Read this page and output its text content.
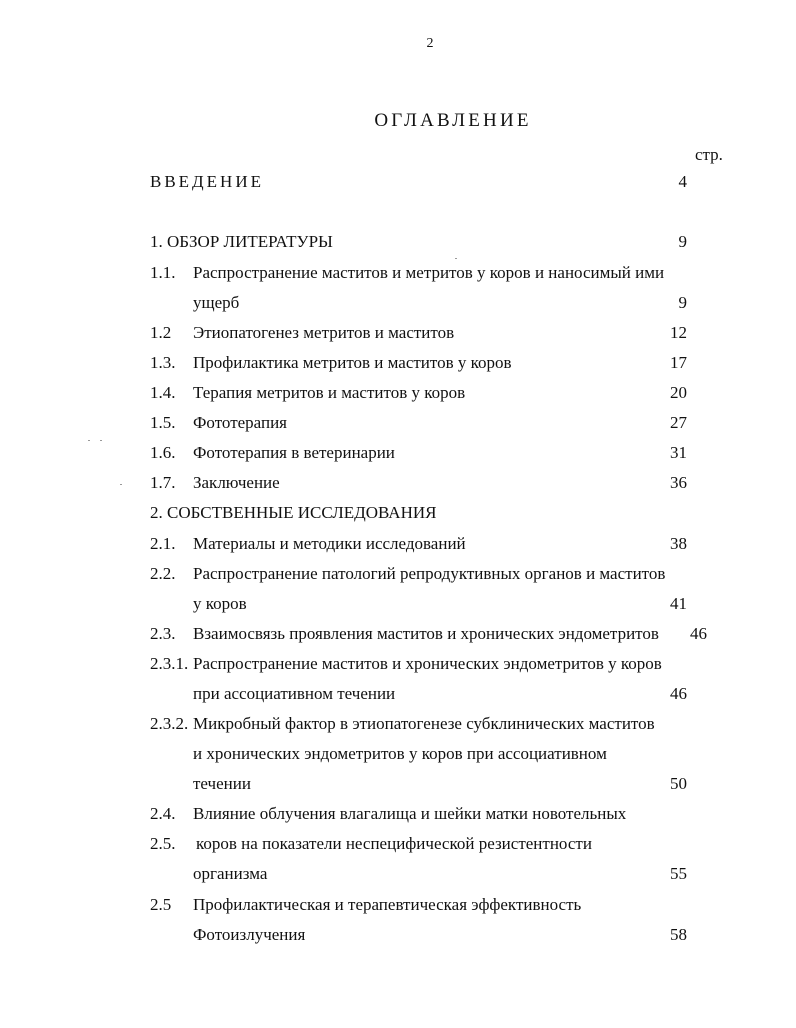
2
ОГЛАВЛЕНИЕ
стр.
ВВЕДЕНИЕ	4
1. ОБЗОР ЛИТЕРАТУРЫ	9
1.1. Распространение маститов и метритов у коров и наносимый ими
ущерб	9
1.2 Этиопатогенез метритов и маститов	12
1.3. Профилактика метритов и маститов у коров	17
1.4. Терапия метритов и маститов у коров	20
1.5. Фототерапия	27
1.6. Фототерапия в ветеринарии	31
1.7. Заключение	36
2. СОБСТВЕННЫЕ ИССЛЕДОВАНИЯ
2.1. Материалы и методики исследований	38
2.2. Распространение патологий репродуктивных органов и маститов
у коров	41
2.3. Взаимосвязь проявления маститов и хронических эндометритов 46
2.3.1. Распространение маститов и хронических эндометритов у коров
при ассоциативном течении	46
2.3.2. Микробный фактор в этиопатогенезе субклинических маститов
и хронических эндометритов у коров при ассоциативном
течении	50
2.4. Влияние облучения влагалища и шейки матки новотельных
2.5. коров на показатели неспецифической резистентности
организма	55
2.5 Профилактическая и терапевтическая эффективность
Фотоизлучения	58
